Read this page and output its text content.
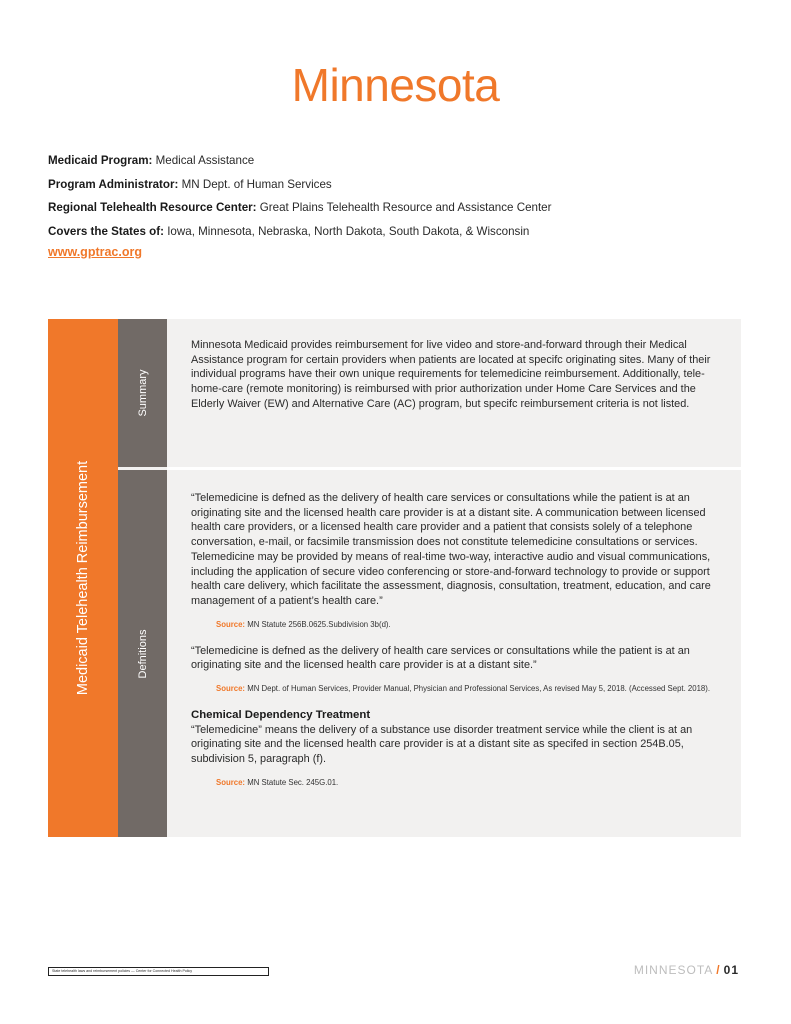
Minnesota
Medicaid Program: Medical Assistance
Program Administrator: MN Dept. of Human Services
Regional Telehealth Resource Center: Great Plains Telehealth Resource and Assistance Center
Covers the States of: Iowa, Minnesota, Nebraska, North Dakota, South Dakota, & Wisconsin
www.gptrac.org
Medicaid Telehealth Reimbursement
Summary
Defnitions
Minnesota Medicaid provides reimbursement for live video and store-and-forward through their Medical Assistance program for certain providers when patients are located at specifc originating sites. Many of their individual programs have their own unique requirements for telemedicine reimbursement. Additionally, tele-home-care (remote monitoring) is reimbursed with prior authorization under Home Care Services and the Elderly Waiver (EW) and Alternative Care (AC) program, but specifc reimbursement criteria is not listed.

“Telemedicine is defned as the delivery of health care services or consultations while the patient is at an originating site and the licensed health care provider is at a distant site. A communication between licensed health care providers, or a licensed health care provider and a patient that consists solely of a telephone conversation, e-mail, or facsimile transmission does not constitute telemedicine consultations or services. Telemedicine may be provided by means of real-time two-way, interactive audio and visual communications, including the application of secure video conferencing or store-and-forward technology to provide or support health care delivery, which facilitate the assessment, diagnosis, consultation, treatment, education, and care management of a patient’s health care.”

Source: MN Statute 256B.0625.Subdivision 3b(d).

“Telemedicine is defned as the delivery of health care services or consultations while the patient is at an originating site and the licensed health care provider is at a distant site.”

Source: MN Dept. of Human Services, Provider Manual, Physician and Professional Services, As revised May 5, 2018. (Accessed Sept. 2018).
Chemical Dependency Treatment

“Telemedicine” means the delivery of a substance use disorder treatment service while the client is at an originating site and the licensed health care provider is at a distant site as specifed in section 254B.05, subdivision 5, paragraph (f).

Source: MN Statute Sec. 245G.01.
State telehealth laws and reimbursement policies — Center for Connected Health Policy	MINNESOTA / 01
